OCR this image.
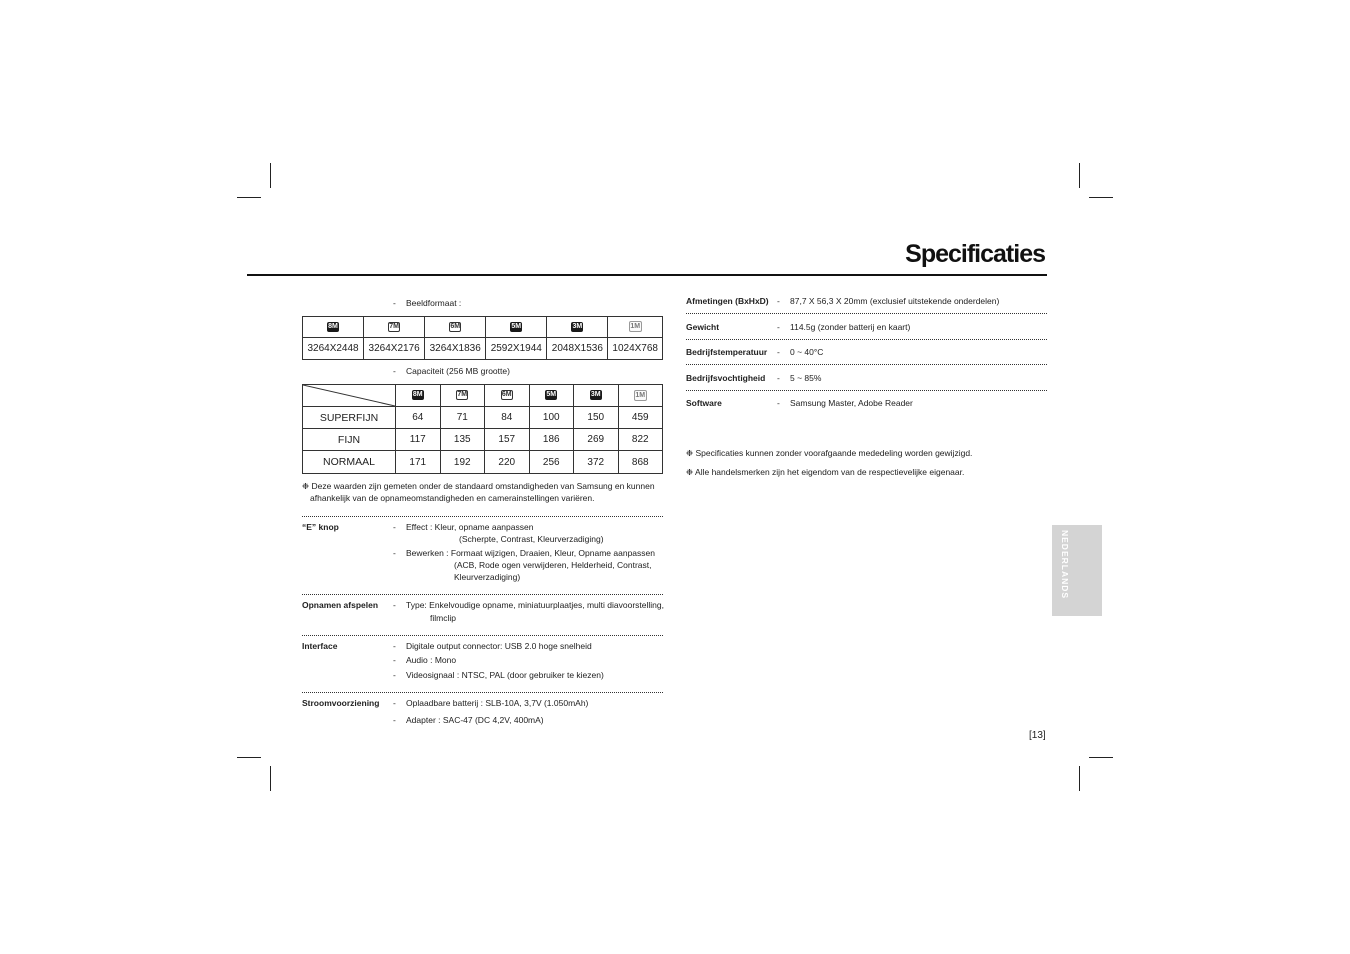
Specificaties
- Beeldformaat :
8M	7M	6M	5M	3M	1M
3264X2448	3264X2176	3264X1836	2592X1944	2048X1536	1024X768
- Capaciteit (256 MB grootte)
	8M	7M	6M	5M	3M	1M
SUPERFIJN	64	71	84	100	150	459
FIJN	117	135	157	186	269	822
NORMAAL	171	192	220	256	372	868
❉ Deze waarden zijn gemeten onder de standaard omstandigheden van Samsung en kunnen
afhankelijk van de opnameomstandigheden en camerainstellingen variëren.
“E” knop	- Effect : Kleur, opname aanpassen
(Scherpte, Contrast, Kleurverzadiging)
- Bewerken : Formaat wijzigen, Draaien, Kleur, Opname aanpassen
(ACB, Rode ogen verwijderen, Helderheid, Contrast,
Kleurverzadiging)
Opnamen afspelen - Type: Enkelvoudige opname, miniatuurplaatjes, multi diavoorstelling,
filmclip
Interface	- Digitale output connector: USB 2.0 hoge snelheid
- Audio : Mono
- Videosignaal : NTSC, PAL (door gebruiker te kiezen)
Stroomvoorziening - Oplaadbare batterij : SLB-10A, 3,7V (1.050mAh)
- Adapter : SAC-47 (DC 4,2V, 400mA)
Afmetingen (BxHxD) - 87,7 X 56,3 X 20mm (exclusief uitstekende onderdelen)
Gewicht	- 114.5g (zonder batterij en kaart)
Bedrijfstemperatuur - 0 ~ 40°C
Bedrijfsvochtigheid - 5 ~ 85%
Software	- Samsung Master, Adobe Reader
❉ Specificaties kunnen zonder voorafgaande mededeling worden gewijzigd.
❉ Alle handelsmerken zijn het eigendom van de respectievelijke eigenaar.
NEDERLANDS
[13]
